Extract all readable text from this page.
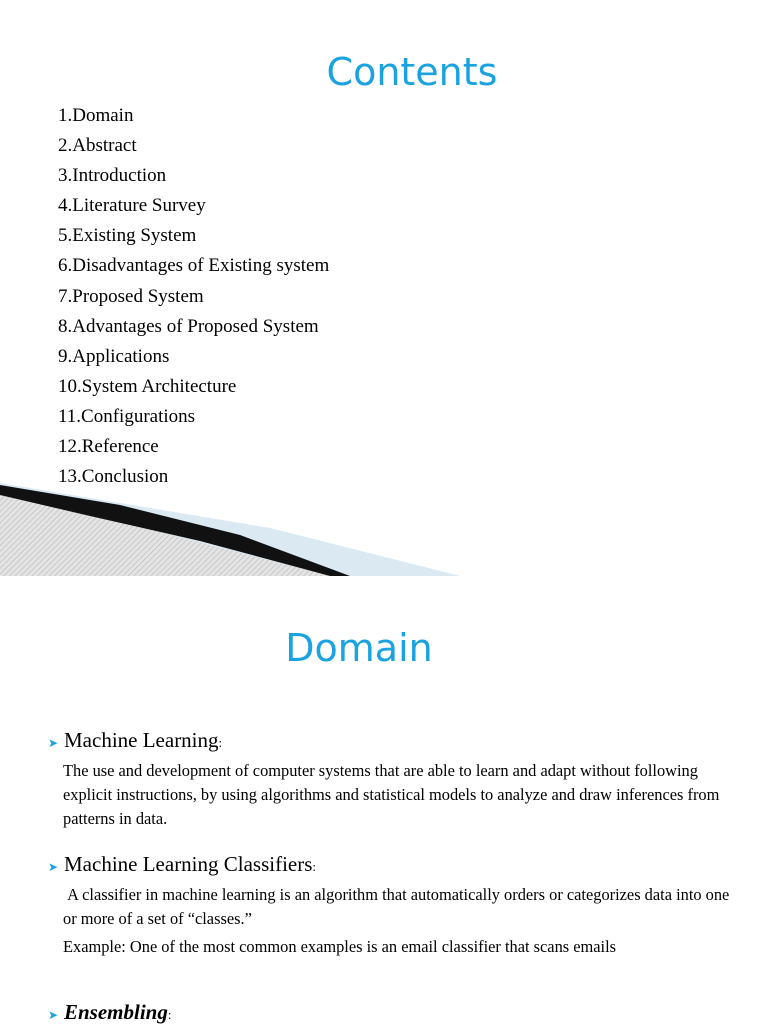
Contents
1.Domain
2.Abstract
3.Introduction
4.Literature Survey
5.Existing System
6.Disadvantages of Existing system
7.Proposed System
8.Advantages of Proposed System
9.Applications
10.System Architecture
11.Configurations
12.Reference
13.Conclusion
Domain
➤ Machine Learning :

The use and development of computer systems that are able to learn and adapt without following explicit instructions, by using algorithms and statistical models to analyze and draw inferences from patterns in data.

➤ Machine Learning Classifiers :

A classifier in machine learning is an algorithm that automatically orders or categorizes data into one or more of a set of “classes.”

Example: One of the most common examples is an email classifier that scans emails

➤ Ensembling :
